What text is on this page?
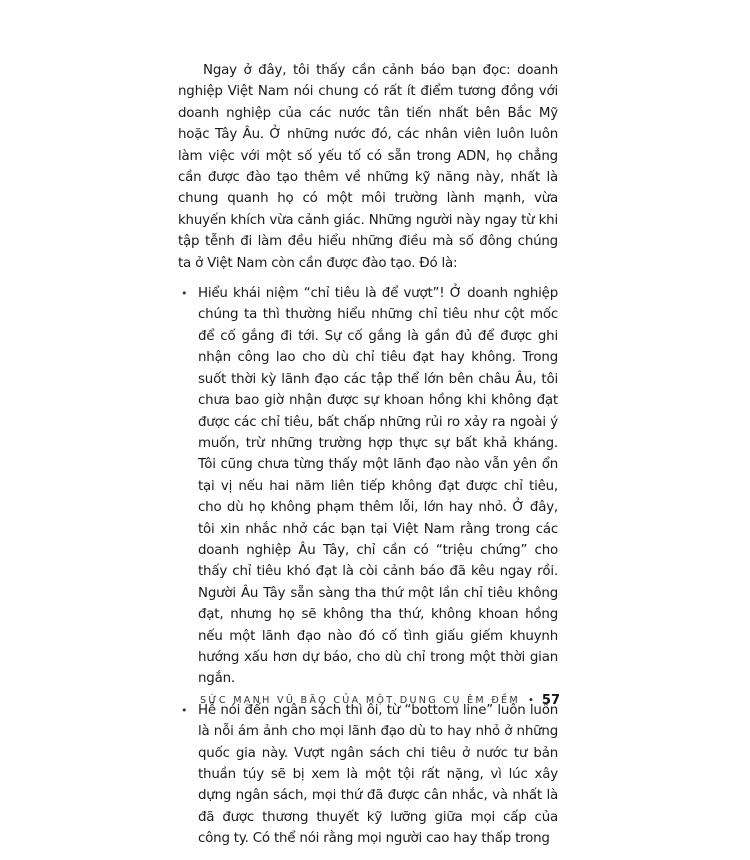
Ngay ở đây, tôi thấy cần cảnh báo bạn đọc: doanh nghiệp Việt Nam nói chung có rất ít điểm tương đồng với doanh nghiệp của các nước tân tiến nhất bên Bắc Mỹ hoặc Tây Âu. Ở những nước đó, các nhân viên luôn luôn làm việc với một số yếu tố có sẵn trong ADN, họ chẳng cần được đào tạo thêm về những kỹ năng này, nhất là chung quanh họ có một môi trường lành mạnh, vừa khuyến khích vừa cảnh giác. Những người này ngay từ khi tập tễnh đi làm đều hiểu những điều mà số đông chúng ta ở Việt Nam còn cần được đào tạo. Đó là:

• Hiểu khái niệm “chỉ tiêu là để vượt”! Ở doanh nghiệp chúng ta thì thường hiểu những chỉ tiêu như cột mốc để cố gắng đi tới. Sự cố gắng là gần đủ để được ghi nhận công lao cho dù chỉ tiêu đạt hay không. Trong suốt thời kỳ lãnh đạo các tập thể lớn bên châu Âu, tôi chưa bao giờ nhận được sự khoan hồng khi không đạt được các chỉ tiêu, bất chấp những rủi ro xảy ra ngoài ý muốn, trừ những trường hợp thực sự bất khả kháng. Tôi cũng chưa từng thấy một lãnh đạo nào vẫn yên ổn tại vị nếu hai năm liên tiếp không đạt được chỉ tiêu, cho dù họ không phạm thêm lỗi, lớn hay nhỏ. Ở đây, tôi xin nhắc nhở các bạn tại Việt Nam rằng trong các doanh nghiệp Âu Tây, chỉ cần có “triệu chứng” cho thấy chỉ tiêu khó đạt là còi cảnh báo đã kêu ngay rồi. Người Âu Tây sẵn sàng tha thứ một lần chỉ tiêu không đạt, nhưng họ sẽ không tha thứ, không khoan hồng nếu một lãnh đạo nào đó cố tình giấu giếm khuynh hướng xấu hơn dự báo, cho dù chỉ trong một thời gian ngắn.

• Hễ nói đến ngân sách thì ôi, từ “bottom line” luôn luôn là nỗi ám ảnh cho mọi lãnh đạo dù to hay nhỏ ở những quốc gia này. Vượt ngân sách chi tiêu ở nước tư bản thuần túy sẽ bị xem là một tội rất nặng, vì lúc xây dựng ngân sách, mọi thứ đã được cân nhắc, và nhất là đã được thương thuyết kỹ lưỡng giữa mọi cấp của công ty. Có thể nói rằng mọi người cao hay thấp trong

SỨC MẠNH VŨ BÃO CỦA MỘT DỤNG CỤ ÊM ĐỀM • 57
